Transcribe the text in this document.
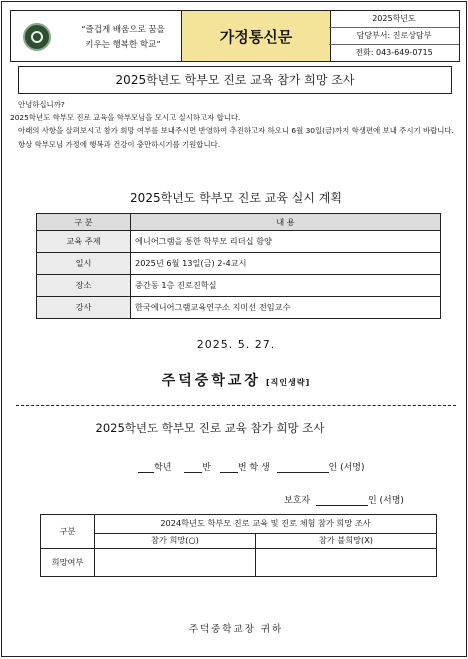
“즐겁게 배움으로 꿈을
키우는 행복한 학교”	가정통신문
2025학년도
담당부서: 진로상담부
전화: 043-649-0715
2025학년도 학부모 진로 교육 참가 희망 조사

안녕하십니까?

2025학년도 학부모 진로 교육을 학부모님을 모시고 실시하고자 합니다.

아래의 사항을 살펴보시고 참가 희망 여부를 보내주시면 반영하여 추진하고자 하오니 6월 30일(금)까지 학생편에 보내 주시기 바랍니다.

항상 학부모님 가정에 행복과 건강이 충만하시기를 기원합니다.

2025학년도 학부모 진로 교육 실시 계획
구 분	내 용
교육 주제	에니어그램을 통한 학부모 리더십 함양
일시	2025년 6월 13일(금) 2-4교시
장소	중간동 1층 진로진학실
강사	한국에니어그램교육연구소 지미선 전임교수
2025. 5. 27.
주덕중학교장 [직인생략]
2025학년도 학부모 진로 교육 참가 희망 조사
학년	반	번 학 생	인 (서명)
보호자	인 (서명)
구분	2024학년도 학부모 진로 교육 및 진로 체험 참가 희망 조사	
	참가 희망(○)	참가 불희망(X)
희망여부		
주덕중학교장 귀하
